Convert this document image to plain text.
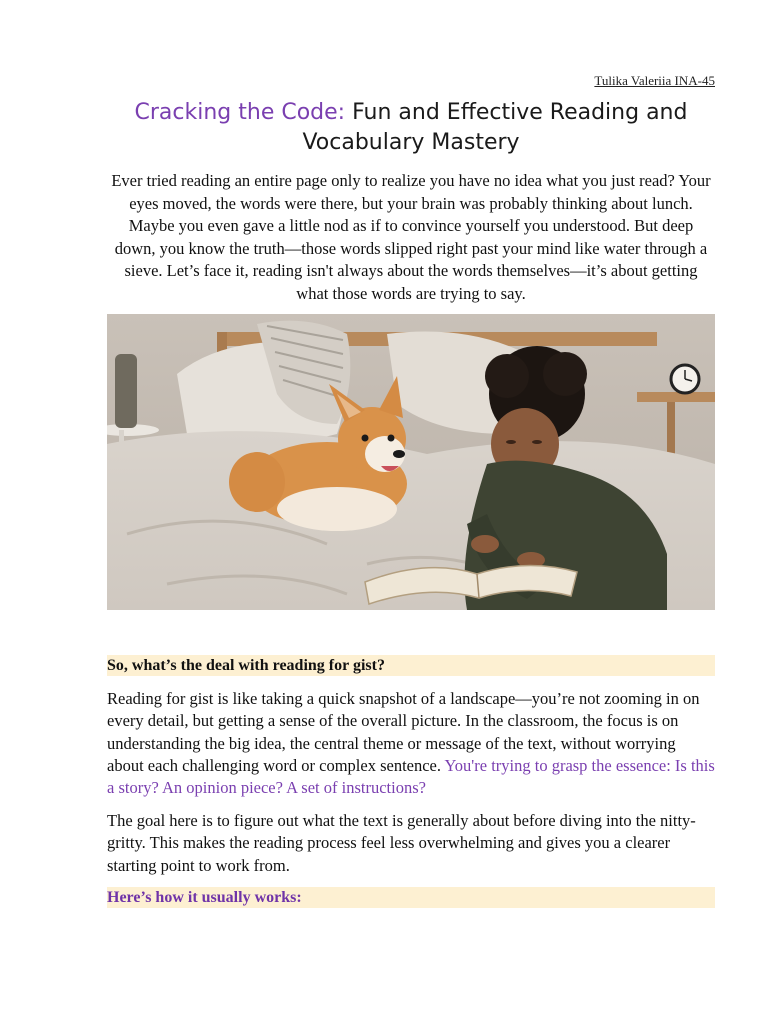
Tulika Valeriia INA-45
Cracking the Code: Fun and Effective Reading and Vocabulary Mastery

Ever tried reading an entire page only to realize you have no idea what you just read? Your eyes moved, the words were there, but your brain was probably thinking about lunch. Maybe you even gave a little nod as if to convince yourself you understood. But deep down, you know the truth—those words slipped right past your mind like water through a sieve. Let’s face it, reading isn't always about the words themselves—it’s about getting what those words are trying to say.

So, what’s the deal with reading for gist?

Reading for gist is like taking a quick snapshot of a landscape—you’re not zooming in on every detail, but getting a sense of the overall picture. In the classroom, the focus is on understanding the big idea, the central theme or message of the text, without worrying about each challenging word or complex sentence. You're trying to grasp the essence: Is this a story? An opinion piece? A set of instructions?

The goal here is to figure out what the text is generally about before diving into the nitty-gritty. This makes the reading process feel less overwhelming and gives you a clearer starting point to work from.

Here’s how it usually works:
